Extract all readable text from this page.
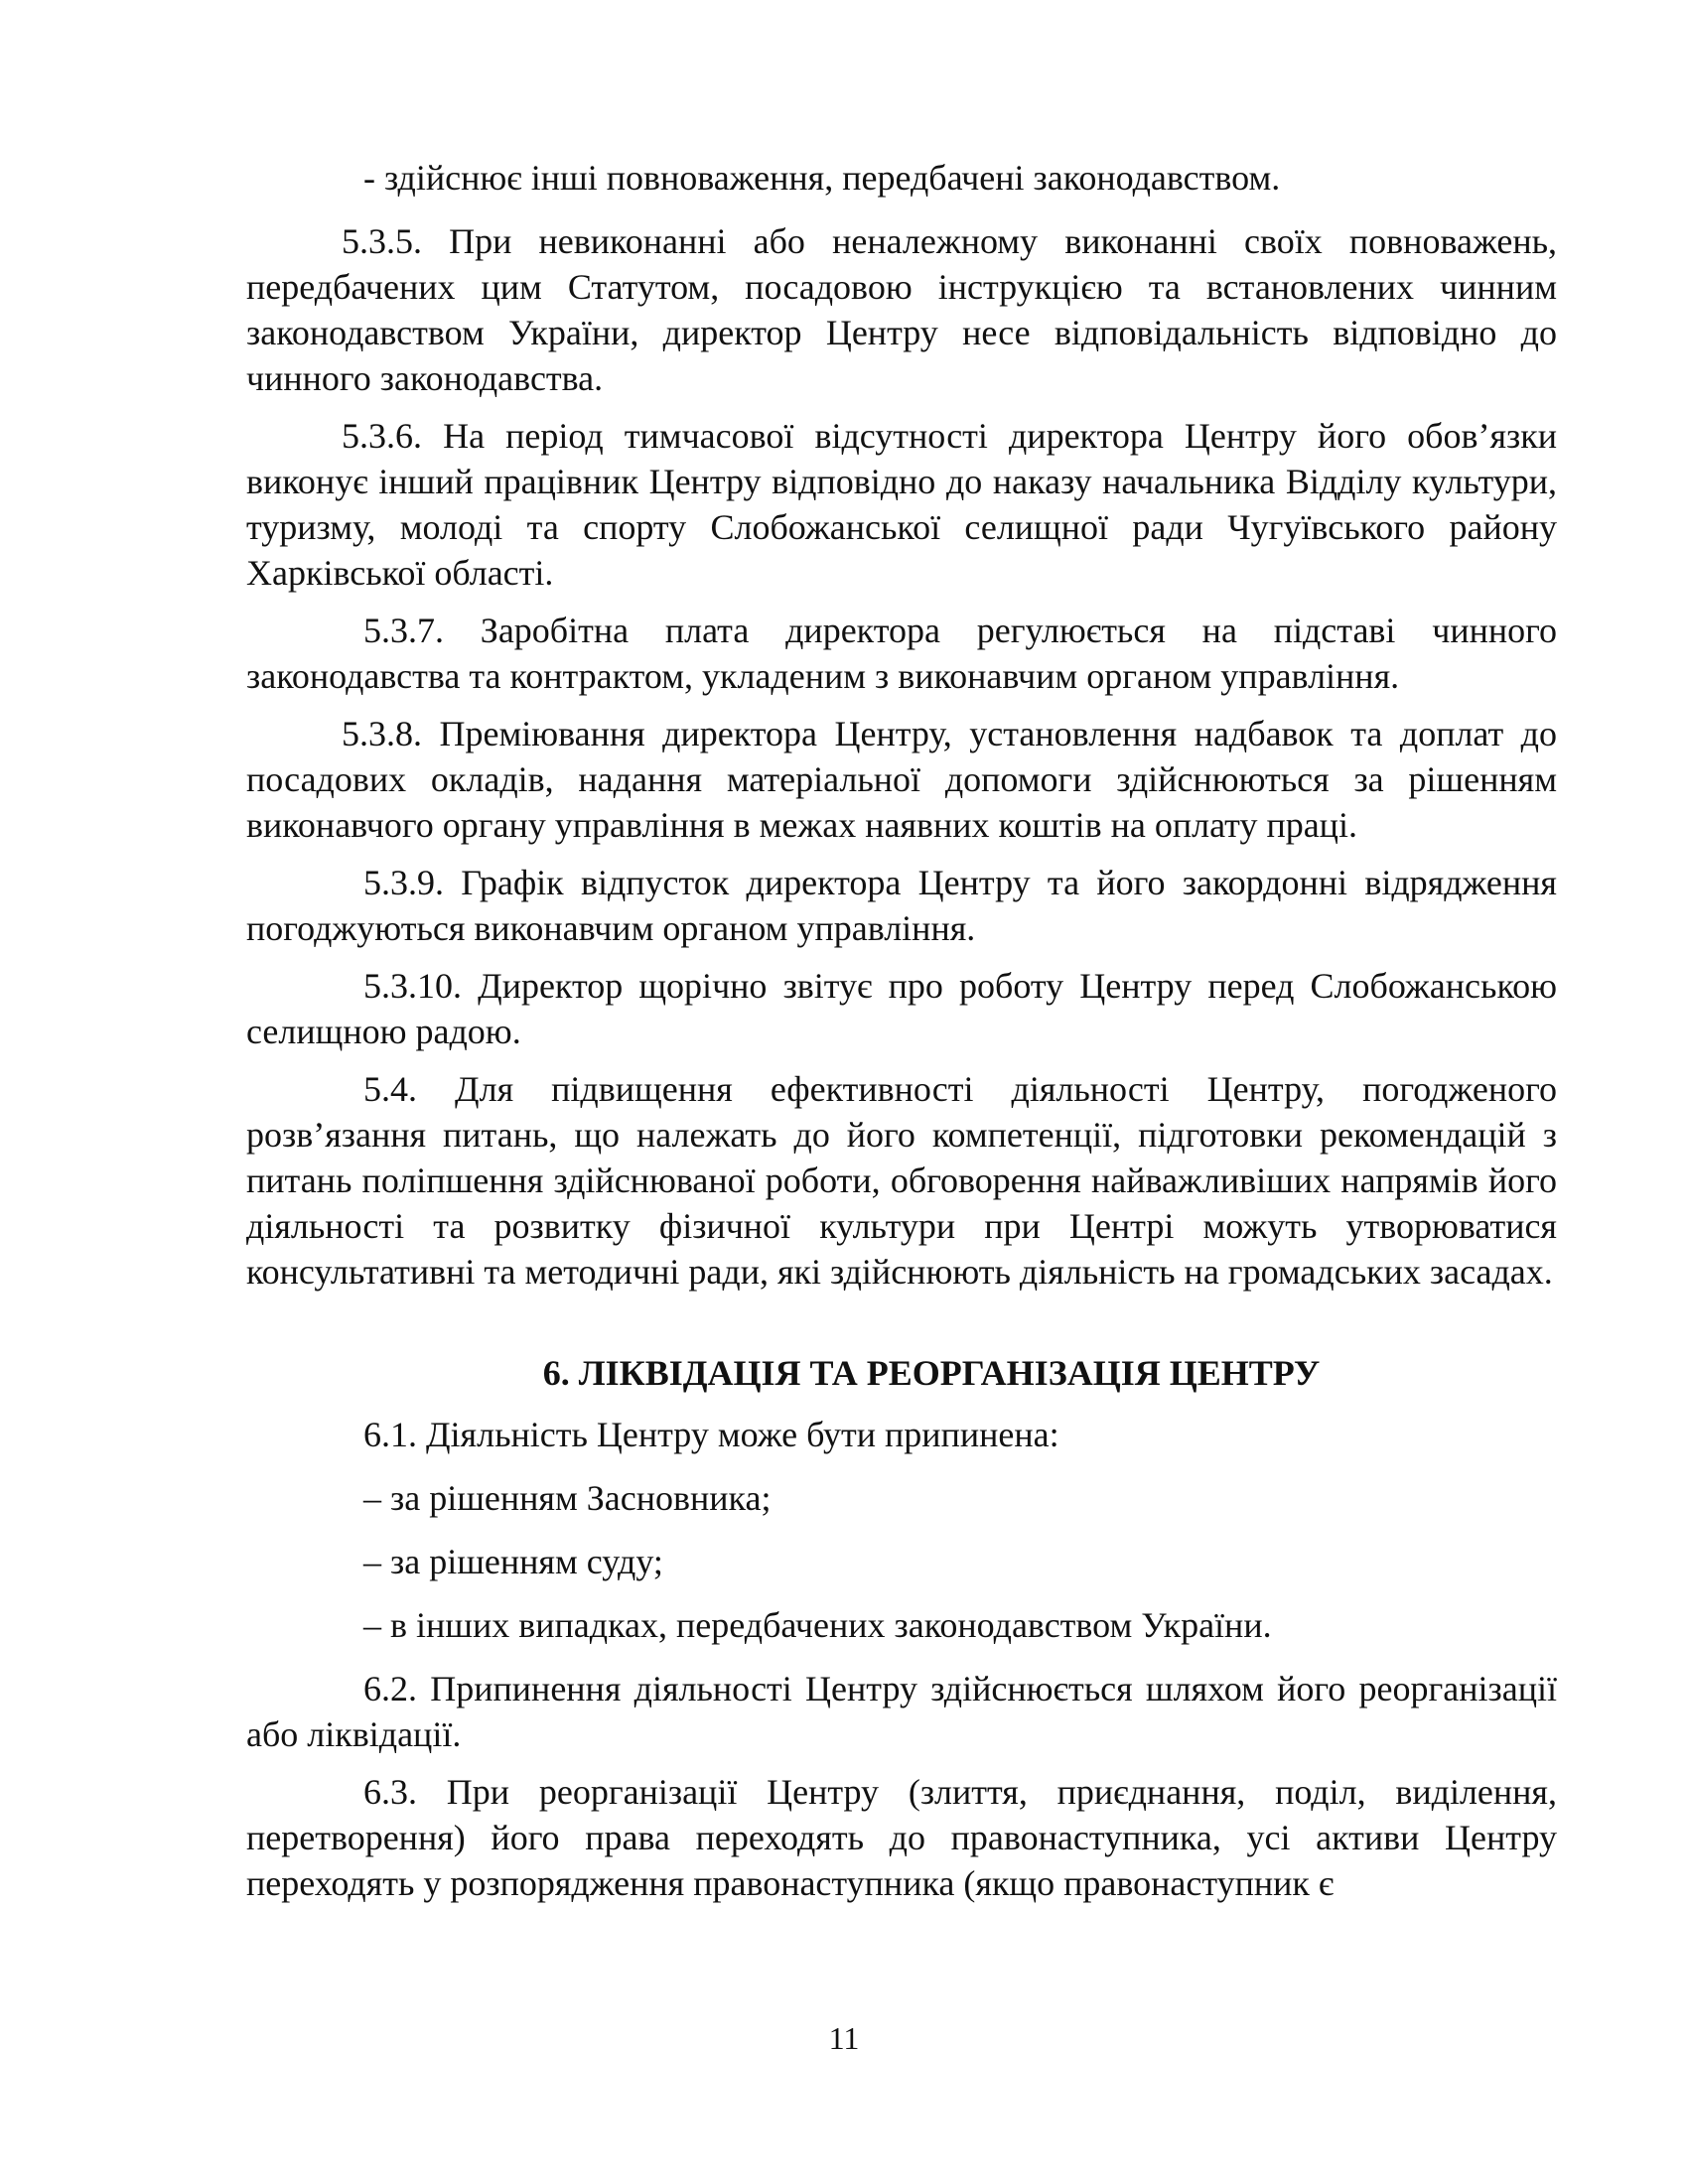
- здійснює інші повноваження, передбачені законодавством.

5.3.5. При невиконанні або неналежному виконанні своїх повноважень, передбачених цим Статутом, посадовою інструкцією та встановлених чинним законодавством України, директор Центру несе відповідальність відповідно до чинного законодавства.

5.3.6. На період тимчасової відсутності директора Центру його обов’язки виконує інший працівник Центру відповідно до наказу начальника Відділу культури, туризму, молоді та спорту Слобожанської селищної ради Чугуївського району Харківської області.

5.3.7. Заробітна плата директора регулюється на підставі чинного законодавства та контрактом, укладеним з виконавчим органом управління.

5.3.8. Преміювання директора Центру, установлення надбавок та доплат до посадових окладів, надання матеріальної допомоги здійснюються за рішенням виконавчого органу управління в межах наявних коштів на оплату праці.

5.3.9. Графік відпусток директора Центру та його закордонні відрядження погоджуються виконавчим органом управління.

5.3.10. Директор щорічно звітує про роботу Центру перед Слобожанською селищною радою.

5.4. Для підвищення ефективності діяльності Центру, погодженого розв’язання питань, що належать до його компетенції, підготовки рекомендацій з питань поліпшення здійснюваної роботи, обговорення найважливіших напрямів його діяльності та розвитку фізичної культури при Центрі можуть утворюватися консультативні та методичні ради, які здійснюють діяльність на громадських засадах.

6. ЛІКВІДАЦІЯ ТА РЕОРГАНІЗАЦІЯ ЦЕНТРУ

6.1. Діяльність Центру може бути припинена:

– за рішенням Засновника;

– за рішенням суду;

– в інших випадках, передбачених законодавством України.

6.2. Припинення діяльності Центру здійснюється шляхом його реорганізації або ліквідації.

6.3. При реорганізації Центру (злиття, приєднання, поділ, виділення, перетворення) його права переходять до правонаступника, усі активи Центру переходять у розпорядження правонаступника (якщо правонаступник є

11
